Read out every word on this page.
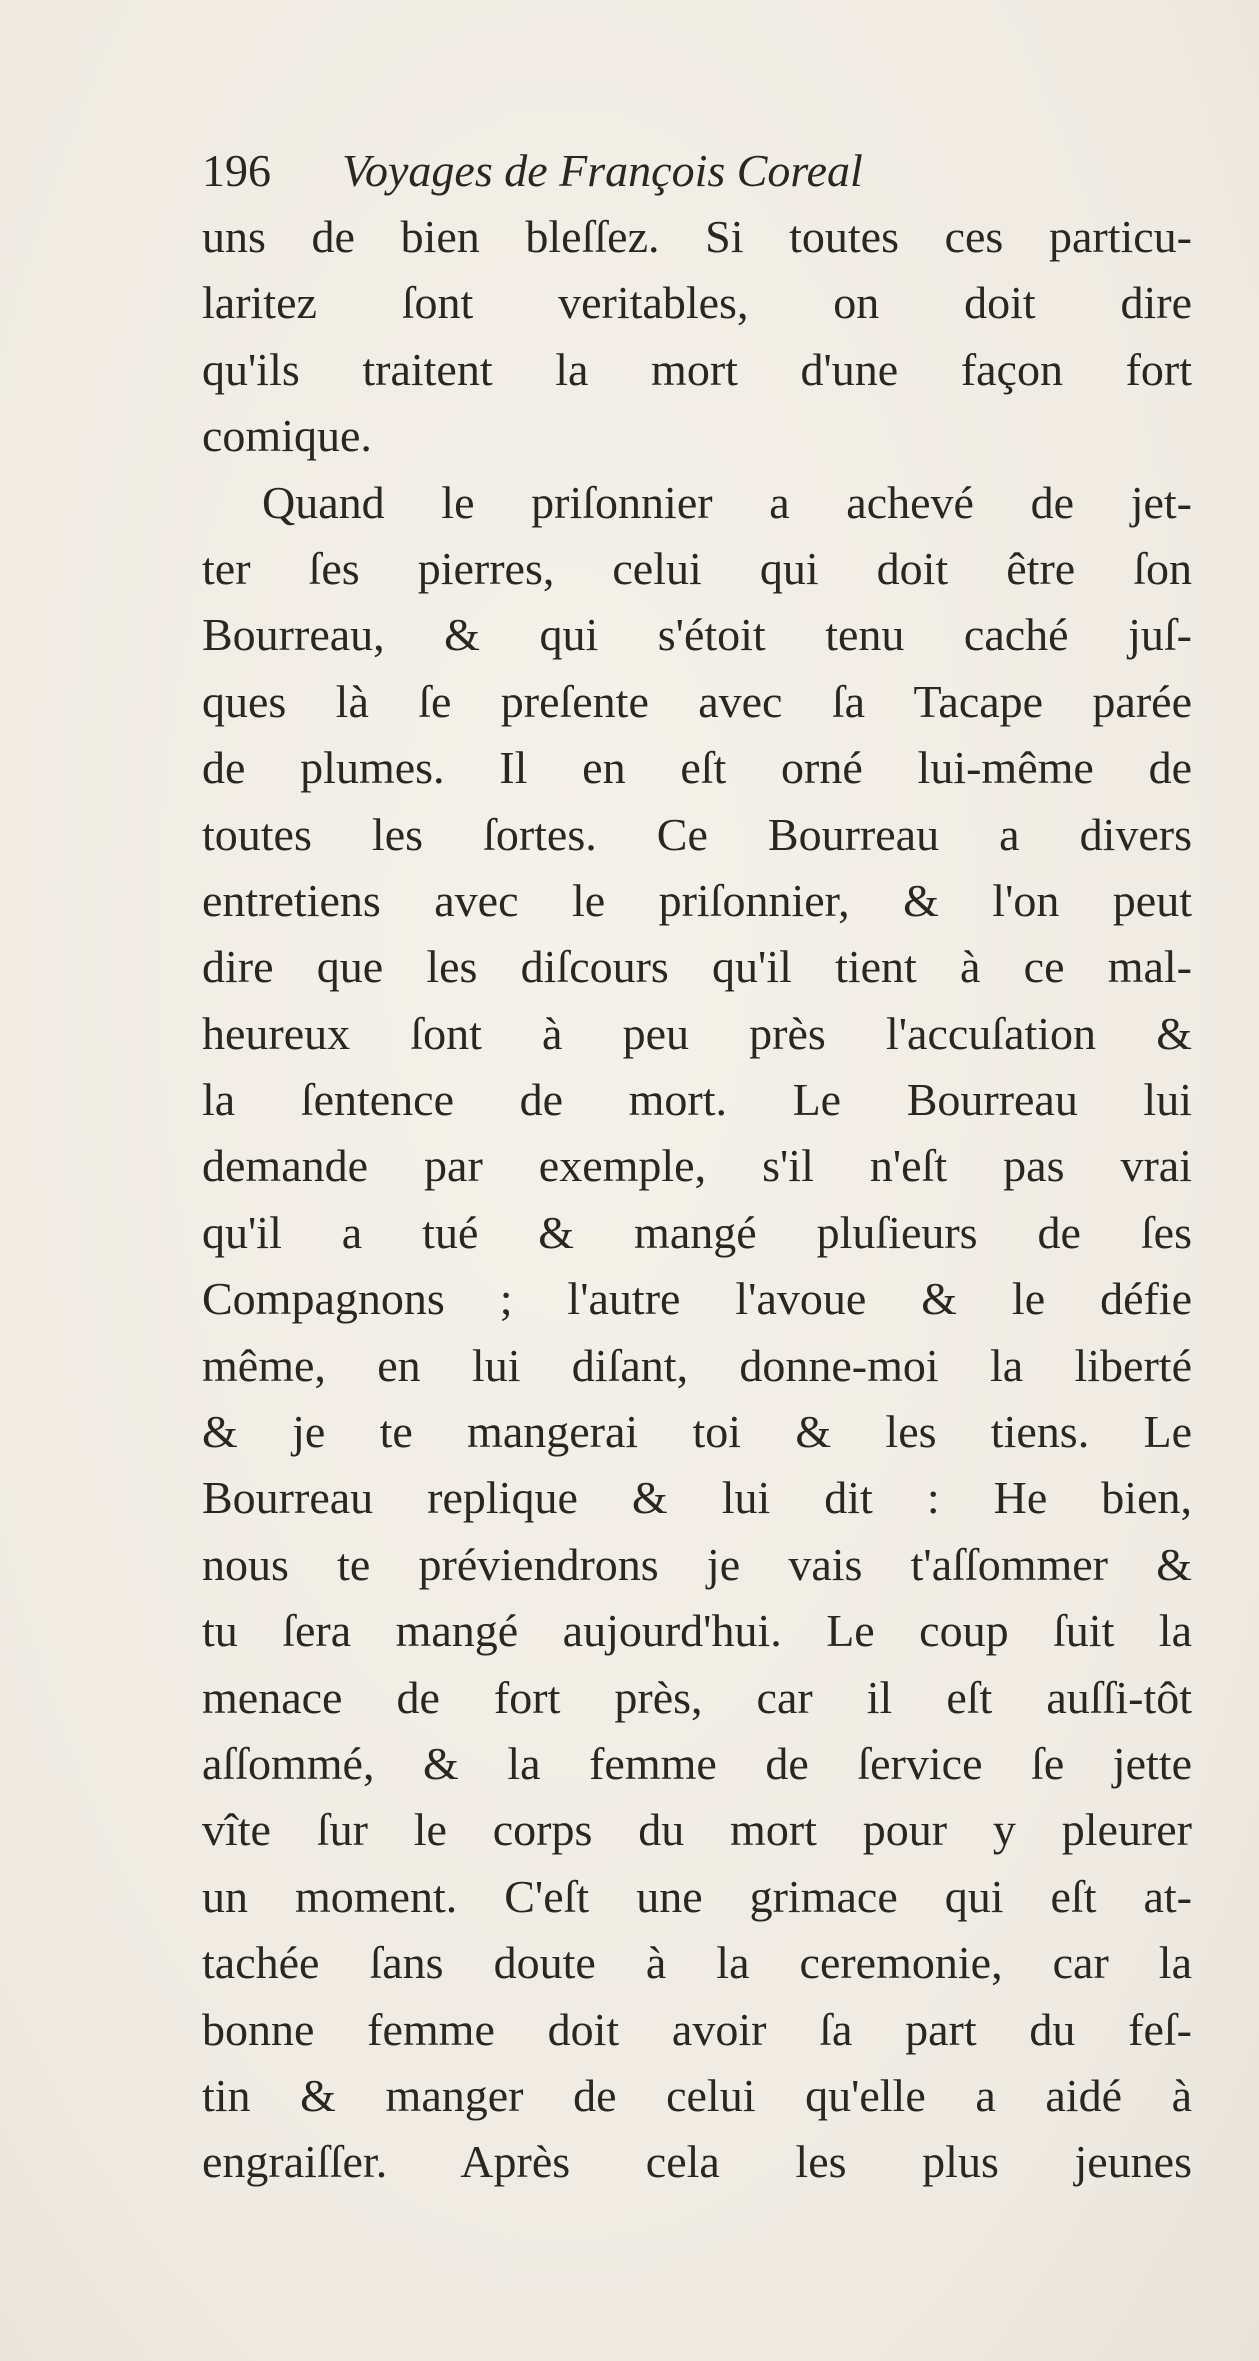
196 Voyages de François Coreal
uns de bien bleſſez. Si toutes ces particu-
laritez ſont veritables, on doit dire
qu'ils traitent la mort d'une façon fort
comique.
Quand le priſonnier a achevé de jet-
ter ſes pierres, celui qui doit être ſon
Bourreau, & qui s'étoit tenu caché juſ-
ques là ſe preſente avec ſa Tacape parée
de plumes. Il en eſt orné lui-même de
toutes les ſortes. Ce Bourreau a divers
entretiens avec le priſonnier, & l'on peut
dire que les diſcours qu'il tient à ce mal-
heureux ſont à peu près l'accuſation &
la ſentence de mort. Le Bourreau lui
demande par exemple, s'il n'eſt pas vrai
qu'il a tué & mangé pluſieurs de ſes
Compagnons ; l'autre l'avoue & le défie
même, en lui diſant, donne-moi la liberté
& je te mangerai toi & les tiens. Le
Bourreau replique & lui dit : He bien,
nous te préviendrons je vais t'aſſommer &
tu ſera mangé aujourd'hui. Le coup ſuit la
menace de fort près, car il eſt auſſi-tôt
aſſommé, & la femme de ſervice ſe jette
vîte ſur le corps du mort pour y pleurer
un moment. C'eſt une grimace qui eſt at-
tachée ſans doute à la ceremonie, car la
bonne femme doit avoir ſa part du feſ-
tin & manger de celui qu'elle a aidé à
engraiſſer. Après cela les plus jeunes
